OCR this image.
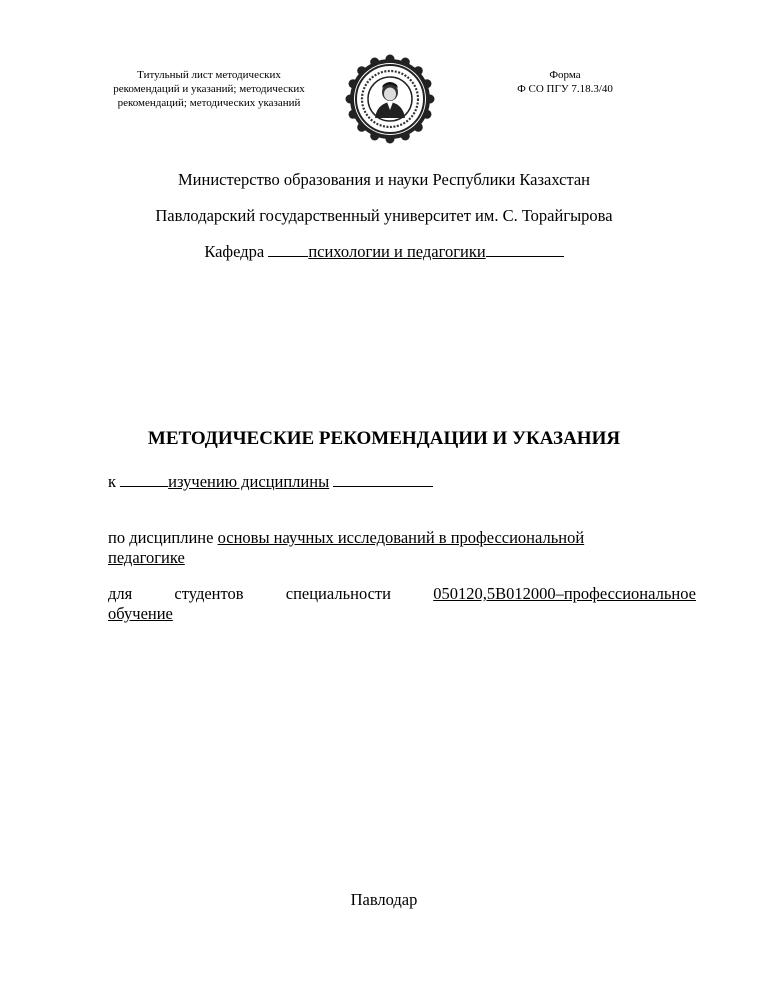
Титульный лист методических
рекомендаций и указаний; методических
рекомендаций; методических указаний
Форма
Ф СО ПГУ 7.18.3/40
Министерство образования и науки Республики Казахстан
Павлодарский государственный университет им. С. Торайгырова
Кафедра	психологии и педагогики
МЕТОДИЧЕСКИЕ РЕКОМЕНДАЦИИ И УКАЗАНИЯ
к	изучению дисциплины
по дисциплине основы научных исследований в профессиональной
педагогике
для	студентов	специальности	050120,5В012000–профессиональное
обучение
Павлодар
